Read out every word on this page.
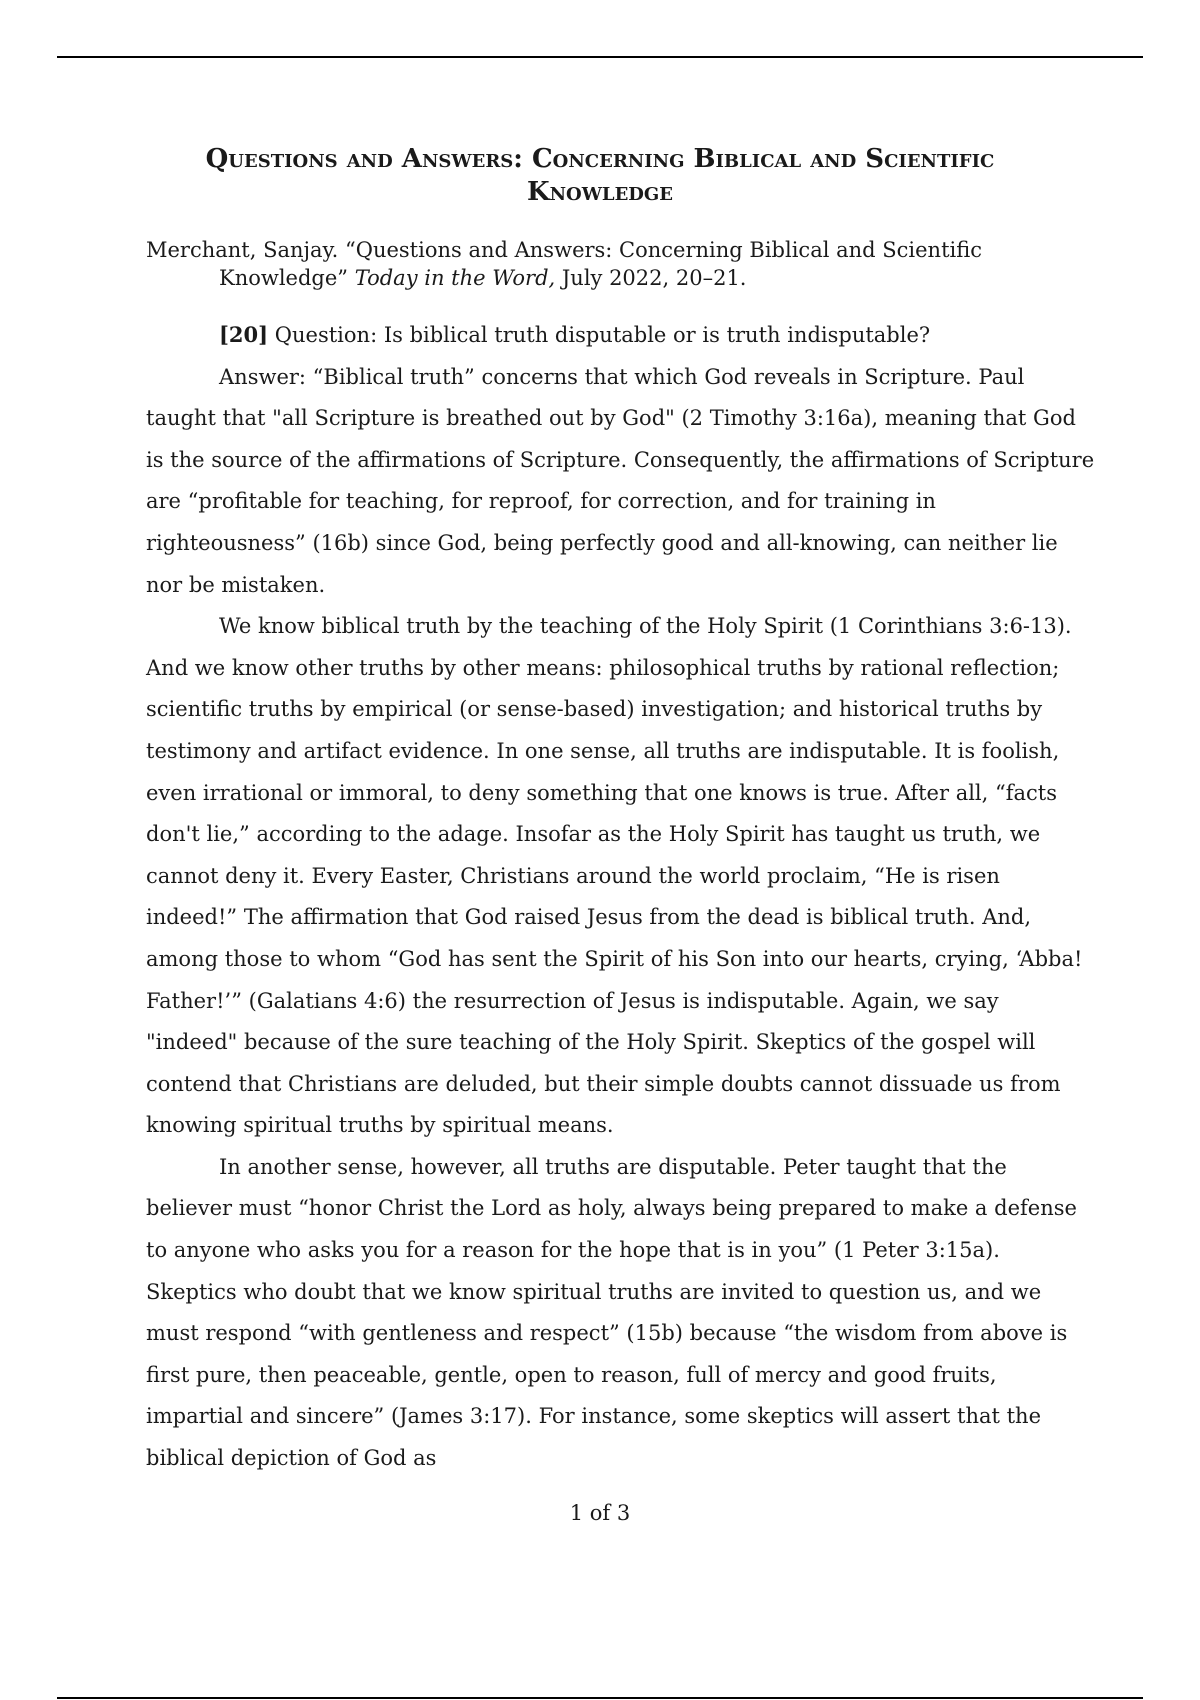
Questions and Answers: Concerning Biblical and Scientific
Knowledge
Merchant, Sanjay. “Questions and Answers: Concerning Biblical and Scientific
Knowledge” Today in the Word, July 2022, 20–21.

[20] Question: Is biblical truth disputable or is truth indisputable?

Answer: “Biblical truth” concerns that which God reveals in Scripture. Paul taught that "all Scripture is breathed out by God" (2 Timothy 3:16a), meaning that God is the source of the affirmations of Scripture. Consequently, the affirmations of Scripture are “profitable for teaching, for reproof, for correction, and for training in righteousness” (16b) since God, being perfectly good and all-knowing, can neither lie nor be mistaken.

We know biblical truth by the teaching of the Holy Spirit (1 Corinthians 3:6-13). And we know other truths by other means: philosophical truths by rational reflection; scientific truths by empirical (or sense-based) investigation; and historical truths by testimony and artifact evidence. In one sense, all truths are indisputable. It is foolish, even irrational or immoral, to deny something that one knows is true. After all, “facts don't lie,” according to the adage. Insofar as the Holy Spirit has taught us truth, we cannot deny it. Every Easter, Christians around the world proclaim, “He is risen indeed!” The affirmation that God raised Jesus from the dead is biblical truth. And, among those to whom “God has sent the Spirit of his Son into our hearts, crying, ‘Abba! Father!’” (Galatians 4:6) the resurrection of Jesus is indisputable. Again, we say "indeed" because of the sure teaching of the Holy Spirit. Skeptics of the gospel will contend that Christians are deluded, but their simple doubts cannot dissuade us from knowing spiritual truths by spiritual means.

In another sense, however, all truths are disputable. Peter taught that the believer must “honor Christ the Lord as holy, always being prepared to make a defense to anyone who asks you for a reason for the hope that is in you” (1 Peter 3:15a). Skeptics who doubt that we know spiritual truths are invited to question us, and we must respond “with gentleness and respect” (15b) because “the wisdom from above is first pure, then peaceable, gentle, open to reason, full of mercy and good fruits, impartial and sincere” (James 3:17). For instance, some skeptics will assert that the biblical depiction of God as

1 of 3
